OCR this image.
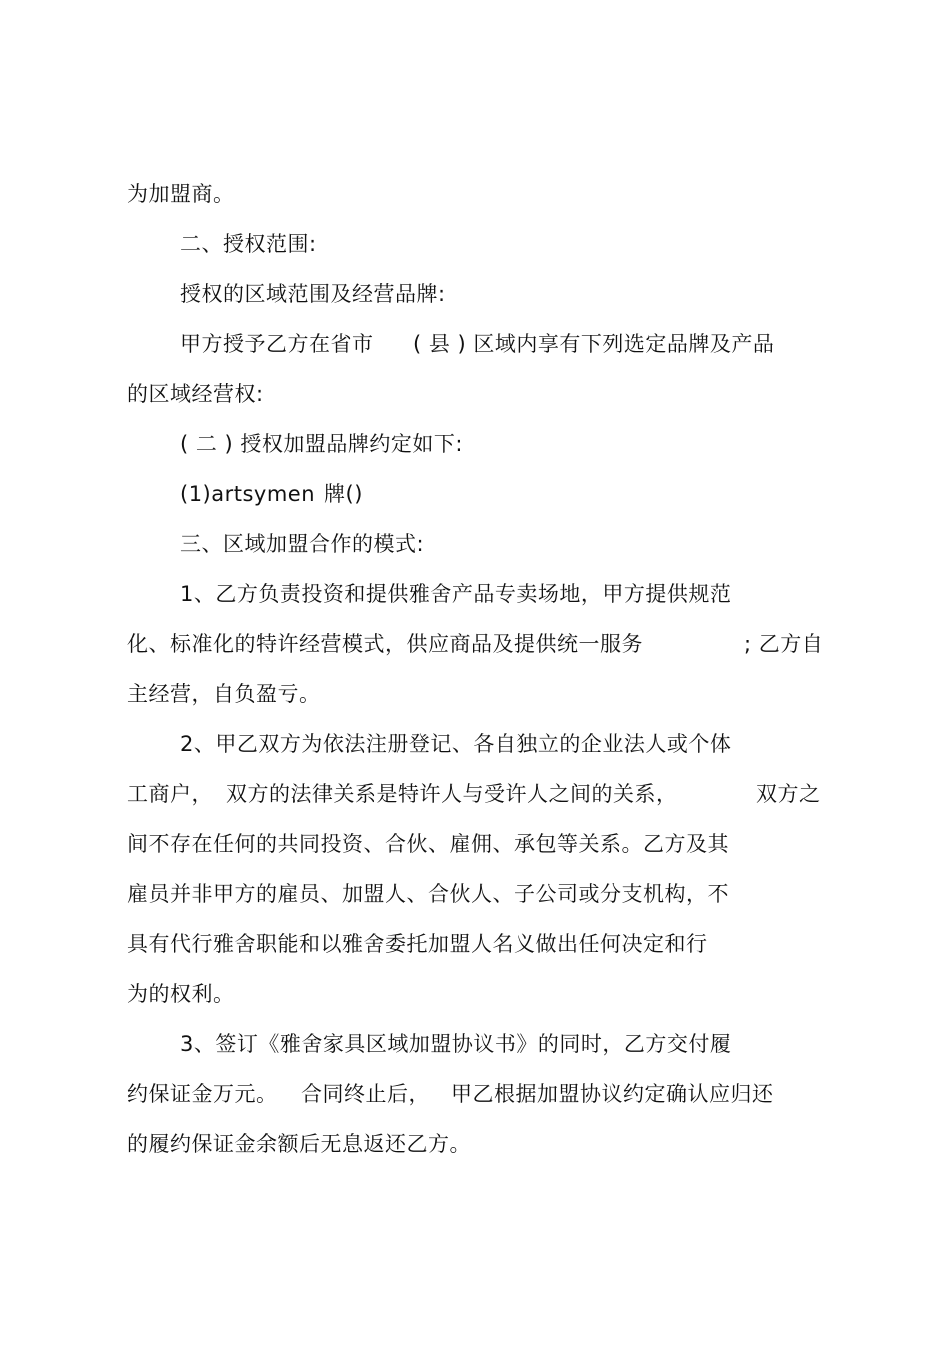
为加盟商。
二、授权范围:
授权的区域范围及经营品牌:
甲方授予乙方在省市 ( 县 ) 区域内享有下列选定品牌及产品
的区域经营权:
( 二 ) 授权加盟品牌约定如下:
(1)artsymen 牌()
三、区域加盟合作的模式:
1、乙方负责投资和提供雅舍产品专卖场地，甲方提供规范
化、标准化的特许经营模式，供应商品及提供统一服务	; 乙方自
主经营，自负盈亏。
2、甲乙双方为依法注册登记、各自独立的企业法人或个体
工商户， 双方的法律关系是特许人与受许人之间的关系，	双方之
间不存在任何的共同投资、合伙、雇佣、承包等关系。乙方及其
雇员并非甲方的雇员、加盟人、合伙人、子公司或分支机构，不
具有代行雅舍职能和以雅舍委托加盟人名义做出任何决定和行
为的权利。
3、签订《雅舍家具区域加盟协议书》的同时，乙方交付履
约保证金万元。 合同终止后， 甲乙根据加盟协议约定确认应归还
的履约保证金余额后无息返还乙方。
